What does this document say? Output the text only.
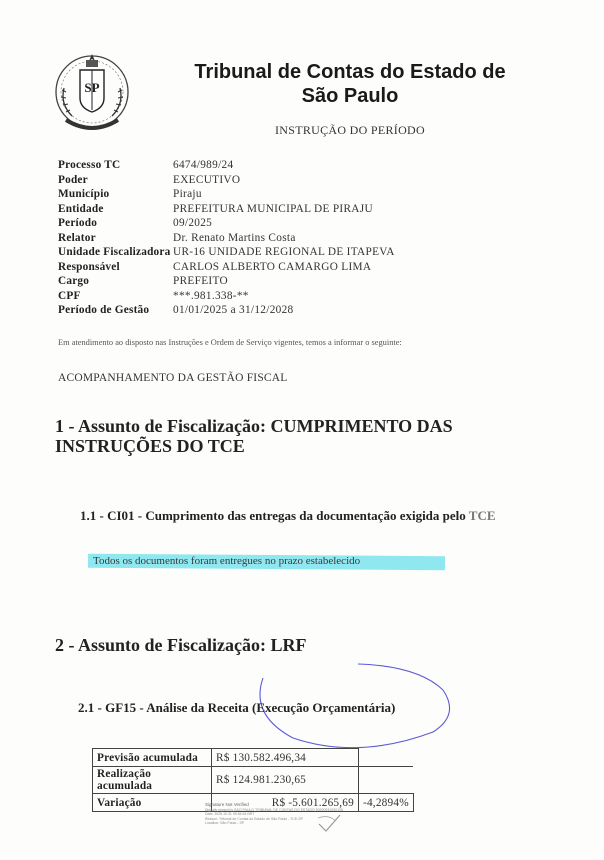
SP
Tribunal de Contas do Estado de
São Paulo
INSTRUÇÃO DO PERÍODO
Processo TC	6474/989/24
Poder	EXECUTIVO
Município	Piraju
Entidade	PREFEITURA MUNICIPAL DE PIRAJU
Período	09/2025
Relator	Dr. Renato Martins Costa
Unidade Fiscalizadora UR-16 UNIDADE REGIONAL DE ITAPEVA
Responsável	CARLOS ALBERTO CAMARGO LIMA
Cargo	PREFEITO
CPF	***.981.338-**
Período de Gestão	01/01/2025 a 31/12/2028
Em atendimento ao disposto nas Instruções e Ordem de Serviço vigentes, temos a informar o seguinte:
ACOMPANHAMENTO DA GESTÃO FISCAL
1 - Assunto de Fiscalização: CUMPRIMENTO DAS INSTRUÇÕES DO TCE
1.1 - CI01 - Cumprimento das entregas da documentação exigida pelo TCE
Todos os documentos foram entregues no prazo estabelecido
2 - Assunto de Fiscalização: LRF
2.1 - GF15 - Análise da Receita (Execução Orçamentária)
Previsão acumulada	R$ 130.582.496,34	
Realização acumulada	R$ 124.981.230,65	
Variação	R$ -5.601.265,69	-4,2894%
Signature Not Verified
Digitally signed by SAO PAULO TRIBUNAL DE CONTAS DO ESTADO 50290931000135
Date: 2025.10.31 09:54:34 BRT
Reason: Tribunal de Contas do Estado de São Paulo - TCE-SP
Location: São Paulo - SP
